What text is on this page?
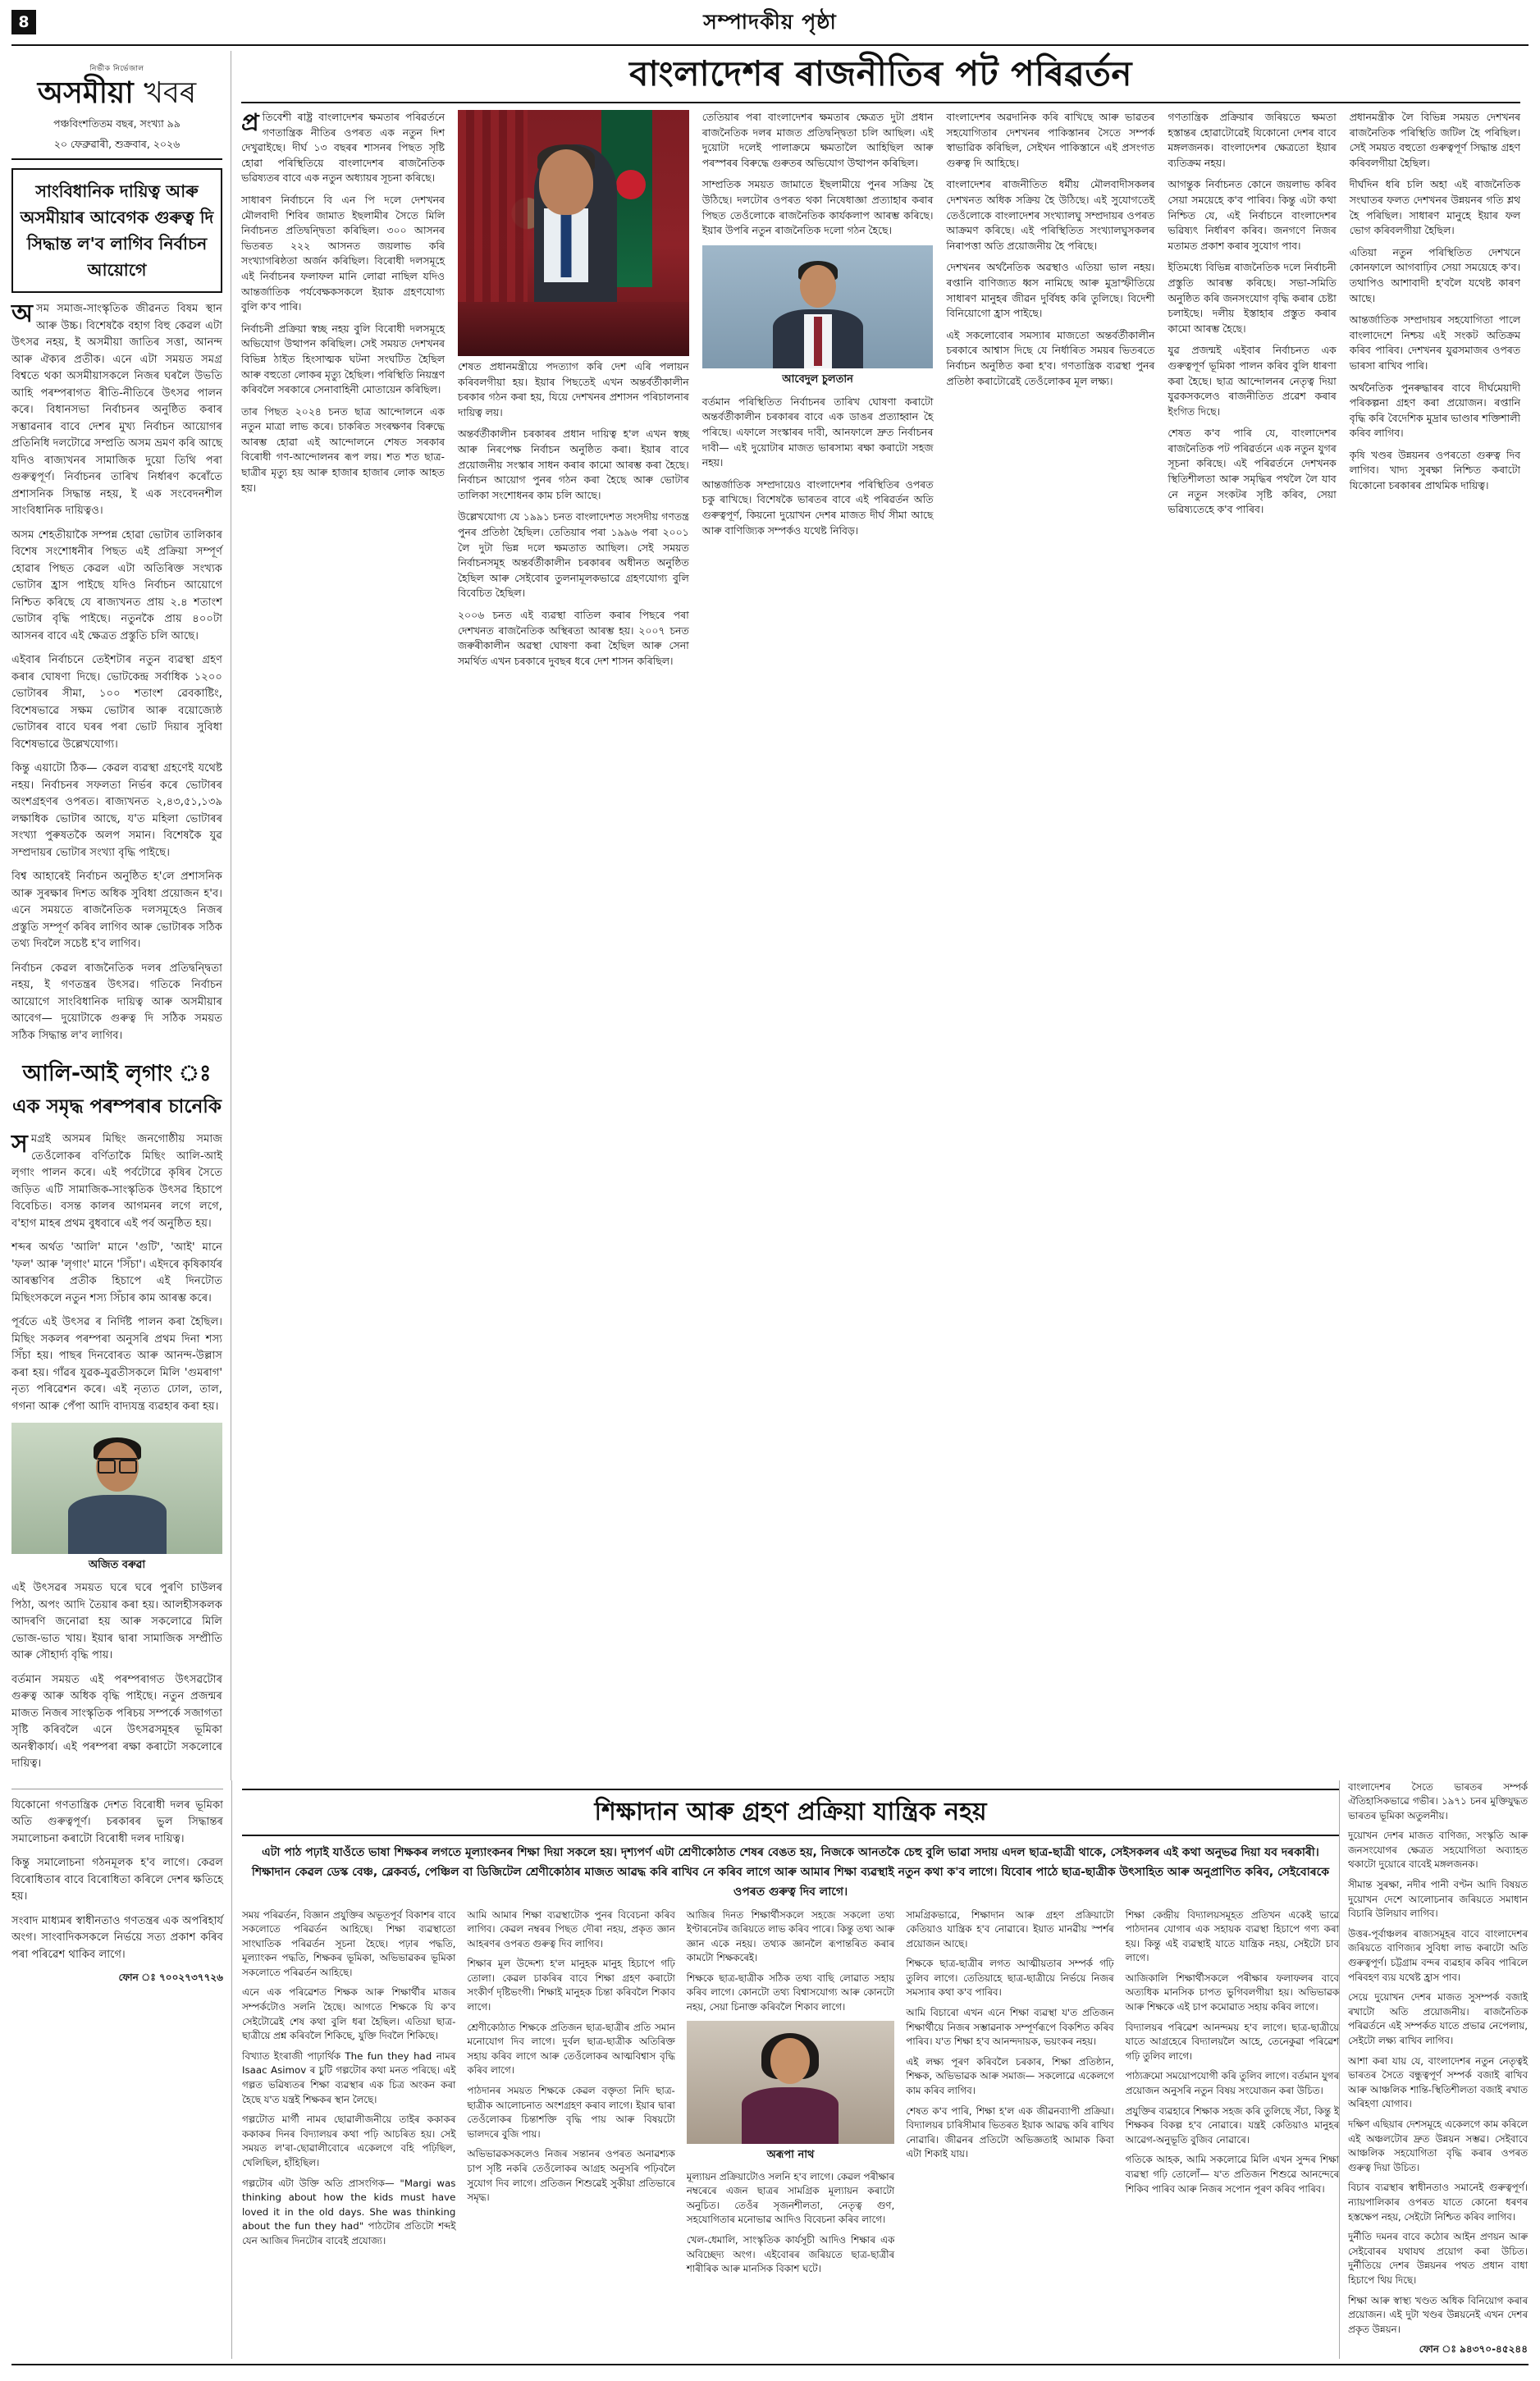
8	সম্পাদকীয় পৃষ্ঠা
নিৰ্ভীক নিৰ্ভেজাল
অসমীয়া খবৰ
পঞ্চবিংশতিতম বছৰ, সংখ্যা ৯৯
২০ ফেব্ৰুৱাৰী, শুক্ৰবাৰ, ২০২৬
সাংবিধানিক দায়িত্ব আৰু অসমীয়াৰ আবেগক গুৰুত্ব দি সিদ্ধান্ত ল'ব লাগিব নিৰ্বাচন আয়োগে

অসম সমাজ-সাংস্কৃতিক জীৱনত বিষম স্থান আৰু উচ্চ। বিশেষকৈ বহাগ বিহু কেৱল এটা উৎসৱ নহয়, ই অসমীয়া জাতিৰ সত্তা, আনন্দ আৰু ঐক্যৰ প্ৰতীক। এনে এটা সময়ত সমগ্ৰ বিশ্বতে থকা অসমীয়াসকলে নিজৰ ঘৰলৈ উভতি আহি পৰম্পৰাগত ৰীতি-নীতিৰে উৎসৱ পালন কৰে। বিধানসভা নিৰ্বাচনৰ অনুষ্ঠিত কৰাৰ সম্ভাৱনাৰ বাবে দেশৰ মুখ্য নিৰ্বাচন আয়োগৰ প্ৰতিনিধি দলটোৱে সম্প্ৰতি অসম ভ্ৰমণ কৰি আছে যদিও ৰাজ্যখনৰ সামাজিক দুয়ো তিথি পৰা গুৰুত্বপূৰ্ণ। নিৰ্বাচনৰ তাৰিখ নিৰ্ধাৰণ কৰোঁতে প্ৰশাসনিক সিদ্ধান্ত নহয়, ই এক সংবেদনশীল সাংবিধানিক দায়িত্বও।

অসম শেহতীয়াকৈ সম্পন্ন হোৱা ভোটাৰ তালিকাৰ বিশেষ সংশোধনীৰ পিছত এই প্ৰক্ৰিয়া সম্পূৰ্ণ হোৱাৰ পিছত কেৱল এটা অতিৰিক্ত সংখ্যক ভোটাৰ হ্ৰাস পাইছে যদিও নিৰ্বাচন আয়োগে নিশ্চিত কৰিছে যে ৰাজ্যখনত প্ৰায় ২.৪ শতাংশ ভোটাৰ বৃদ্ধি পাইছে। নতুনকৈ প্ৰায় ৪০০টা আসনৰ বাবে এই ক্ষেত্ৰত প্ৰস্তুতি চলি আছে।

এইবাৰ নিৰ্বাচনে তেইশটাৰ নতুন ব্যৱস্থা গ্ৰহণ কৰাৰ ঘোষণা দিছে। ভোটকেন্দ্ৰ সৰ্বাধিক ১২০০ ভোটাৰৰ সীমা, ১০০ শতাংশ ৱেবকাষ্টিং, বিশেষভাৱে সক্ষম ভোটাৰ আৰু বয়োজ্যেষ্ঠ ভোটাৰৰ বাবে ঘৰৰ পৰা ভোট দিয়াৰ সুবিধা বিশেষভাৱে উল্লেখযোগ্য।

কিন্তু এয়াটো ঠিক— কেৱল ব্যৱস্থা গ্ৰহণেই যথেষ্ট নহয়। নিৰ্বাচনৰ সফলতা নিৰ্ভৰ কৰে ভোটাৰৰ অংশগ্ৰহণৰ ওপৰত। ৰাজ্যখনত ২,৪৩,৫১,১৩৯ লক্ষাধিক ভোটাৰ আছে, য'ত মহিলা ভোটাৰৰ সংখ্যা পুৰুষতকৈ অলপ সমান। বিশেষকৈ যুৱ সম্প্ৰদায়ৰ ভোটাৰ সংখ্যা বৃদ্ধি পাইছে।

বিশ্ব আহাৰেই নিৰ্বাচন অনুষ্ঠিত হ'লে প্ৰশাসনিক আৰু সুৰক্ষাৰ দিশত অধিক সুবিধা প্ৰয়োজন হ'ব। এনে সময়তে ৰাজনৈতিক দলসমূহেও নিজৰ প্ৰস্তুতি সম্পূৰ্ণ কৰিব লাগিব আৰু ভোটাৰক সঠিক তথ্য দিবলৈ সচেষ্ট হ'ব লাগিব।

নিৰ্বাচন কেৱল ৰাজনৈতিক দলৰ প্ৰতিদ্বন্দ্বিতা নহয়, ই গণতন্ত্ৰৰ উৎসৱ। গতিকে নিৰ্বাচন আয়োগে সাংবিধানিক দায়িত্ব আৰু অসমীয়াৰ আবেগ— দুয়োটাকে গুৰুত্ব দি সঠিক সময়ত সঠিক সিদ্ধান্ত ল'ব লাগিব।

আলি-আই লৃগাং ঃ
এক সমৃদ্ধ পৰম্পৰাৰ চানেকি

সমগ্ৰই অসমৰ মিছিং জনগোষ্ঠীয় সমাজ তেওঁলোকৰ বৰ্ণিতাকৈ মিছিং আলি-আই লৃগাং পালন কৰে। এই পৰ্বটোৱে কৃষিৰ সৈতে জড়িত এটি সামাজিক-সাংস্কৃতিক উৎসৱ হিচাপে বিবেচিত। বসন্ত কালৰ আগমনৰ লগে লগে, ব'হাগ মাহৰ প্ৰথম বুধবাৰে এই পৰ্ব অনুষ্ঠিত হয়।

শব্দৰ অৰ্থত 'আলি' মানে 'গুটি', 'আই' মানে 'ফল' আৰু 'লৃগাং' মানে 'সিঁচা'। এইদৰে কৃষিকাৰ্যৰ আৰম্ভণিৰ প্ৰতীক হিচাপে এই দিনটোত মিছিংসকলে নতুন শস্য সিঁচাৰ কাম আৰম্ভ কৰে।

পূৰ্বতে এই উৎসৱ ৰ নিৰ্দিষ্ট পালন কৰা হৈছিল। মিছিং সকলৰ পৰম্পৰা অনুসৰি প্ৰথম দিনা শস্য সিঁচা হয়। পাছৰ দিনবোৰত আৰু আনন্দ-উল্লাস কৰা হয়। গাঁৱৰ যুৱক-যুৱতীসকলে মিলি 'গুমৰাগ' নৃত্য পৰিৱেশন কৰে। এই নৃত্যত ঢোল, তাল, গগনা আৰু পেঁপা আদি বাদ্যযন্ত্ৰ ব্যৱহাৰ কৰা হয়।

অজিত বৰুৱা

এই উৎসৱৰ সময়ত ঘৰে ঘৰে পুৰণি চাউলৰ পিঠা, অপং আদি তৈয়াৰ কৰা হয়। আলহীসকলক আদৰণি জনোৱা হয় আৰু সকলোৱে মিলি ভোজ-ভাত খায়। ইয়াৰ দ্বাৰা সামাজিক সম্প্ৰীতি আৰু সৌহাৰ্দ্য বৃদ্ধি পায়।

বৰ্তমান সময়ত এই পৰম্পৰাগত উৎসৱটোৰ গুৰুত্ব আৰু অধিক বৃদ্ধি পাইছে। নতুন প্ৰজন্মৰ মাজত নিজৰ সাংস্কৃতিক পৰিচয় সম্পৰ্কে সজাগতা সৃষ্টি কৰিবলৈ এনে উৎসৱসমূহৰ ভূমিকা অনস্বীকাৰ্য। এই পৰম্পৰা ৰক্ষা কৰাটো সকলোৰে দায়িত্ব।

বাংলাদেশৰ ৰাজনীতিৰ পট পৰিৱৰ্তন

প্ৰতিবেশী ৰাষ্ট্ৰ বাংলাদেশৰ ক্ষমতাৰ পৰিৱৰ্তনে গণতান্ত্ৰিক নীতিৰ ওপৰত এক নতুন দিশ দেখুৱাইছে। দীৰ্ঘ ১৩ বছৰৰ শাসনৰ পিছত সৃষ্টি হোৱা পৰিস্থিতিয়ে বাংলাদেশৰ ৰাজনৈতিক ভৱিষ্যতৰ বাবে এক নতুন অধ্যায়ৰ সূচনা কৰিছে।

সাধাৰণ নিৰ্বাচনে বি এন পি দলে দেশখনৰ মৌলবাদী শিবিৰ জামাত ইছলামীৰ সৈতে মিলি নিৰ্বাচনত প্ৰতিদ্বন্দ্বিতা কৰিছিল। ৩০০ আসনৰ ভিতৰত ২২২ আসনত জয়লাভ কৰি সংখ্যাগৰিষ্ঠতা অৰ্জন কৰিছিল। বিৰোধী দলসমূহে এই নিৰ্বাচনৰ ফলাফল মানি লোৱা নাছিল যদিও আন্তৰ্জাতিক পৰ্যবেক্ষকসকলে ইয়াক গ্ৰহণযোগ্য বুলি ক'ব পাৰি।

নিৰ্বাচনী প্ৰক্ৰিয়া স্বচ্ছ নহয় বুলি বিৰোধী দলসমূহে অভিযোগ উত্থাপন কৰিছিল। সেই সময়ত দেশখনৰ বিভিন্ন ঠাইত হিংসাত্মক ঘটনা সংঘটিত হৈছিল আৰু বহুতো লোকৰ মৃত্যু হৈছিল। পৰিস্থিতি নিয়ন্ত্ৰণ কৰিবলৈ সৰকাৰে সেনাবাহিনী মোতায়েন কৰিছিল।

তাৰ পিছত ২০২৪ চনত ছাত্ৰ আন্দোলনে এক নতুন মাত্ৰা লাভ কৰে। চাকৰিত সংৰক্ষণৰ বিৰুদ্ধে আৰম্ভ হোৱা এই আন্দোলনে শেষত সৰকাৰ বিৰোধী গণ-আন্দোলনৰ ৰূপ লয়। শত শত ছাত্ৰ-ছাত্ৰীৰ মৃত্যু হয় আৰু হাজাৰ হাজাৰ লোক আহত হয়।

শেষত প্ৰধানমন্ত্ৰীয়ে পদত্যাগ কৰি দেশ এৰি পলায়ন কৰিবলগীয়া হয়। ইয়াৰ পিছতেই এখন অন্তৰ্বৰ্তীকালীন চৰকাৰ গঠন কৰা হয়, যিয়ে দেশখনৰ প্ৰশাসন পৰিচালনাৰ দায়িত্ব লয়।

অন্তৰ্বৰ্তীকালীন চৰকাৰৰ প্ৰধান দায়িত্ব হ'ল এখন স্বচ্ছ আৰু নিৰপেক্ষ নিৰ্বাচন অনুষ্ঠিত কৰা। ইয়াৰ বাবে প্ৰয়োজনীয় সংস্কাৰ সাধন কৰাৰ কামো আৰম্ভ কৰা হৈছে। নিৰ্বাচন আয়োগ পুনৰ গঠন কৰা হৈছে আৰু ভোটাৰ তালিকা সংশোধনৰ কাম চলি আছে।

উল্লেখযোগ্য যে ১৯৯১ চনত বাংলাদেশত সংসদীয় গণতন্ত্ৰ পুনৰ প্ৰতিষ্ঠা হৈছিল। তেতিয়াৰ পৰা ১৯৯৬ পৰা ২০০১ লৈ দুটা ভিন্ন দলে ক্ষমতাত আছিল। সেই সময়ত নিৰ্বাচনসমূহ অন্তৰ্বৰ্তীকালীন চৰকাৰৰ অধীনত অনুষ্ঠিত হৈছিল আৰু সেইবোৰ তুলনামূলকভাৱে গ্ৰহণযোগ্য বুলি বিবেচিত হৈছিল।

২০০৬ চনত এই ব্যৱস্থা বাতিল কৰাৰ পিছৰে পৰা দেশখনত ৰাজনৈতিক অস্থিৰতা আৰম্ভ হয়। ২০০৭ চনত জৰুৰীকালীন অৱস্থা ঘোষণা কৰা হৈছিল আৰু সেনা সমৰ্থিত এখন চৰকাৰে দুবছৰ ধৰে দেশ শাসন কৰিছিল।

তেতিয়াৰ পৰা বাংলাদেশৰ ক্ষমতাৰ ক্ষেত্ৰত দুটা প্ৰধান ৰাজনৈতিক দলৰ মাজত প্ৰতিদ্বন্দ্বিতা চলি আছিল। এই দুয়োটা দলেই পালাক্ৰমে ক্ষমতালৈ আহিছিল আৰু পৰস্পৰৰ বিৰুদ্ধে গুৰুতৰ অভিযোগ উত্থাপন কৰিছিল।

সাম্প্ৰতিক সময়ত জামাতে ইছলামীয়ে পুনৰ সক্ৰিয় হৈ উঠিছে। দলটোৰ ওপৰত থকা নিষেধাজ্ঞা প্ৰত্যাহাৰ কৰাৰ পিছত তেওঁলোকে ৰাজনৈতিক কাৰ্যকলাপ আৰম্ভ কৰিছে। ইয়াৰ উপৰি নতুন ৰাজনৈতিক দলো গঠন হৈছে।

আবেদুল চুলতান

বৰ্তমান পৰিস্থিতিত নিৰ্বাচনৰ তাৰিখ ঘোষণা কৰাটো অন্তৰ্বৰ্তীকালীন চৰকাৰৰ বাবে এক ডাঙৰ প্ৰত্যাহ্বান হৈ পৰিছে। এফালে সংস্কাৰৰ দাবী, আনফালে দ্ৰুত নিৰ্বাচনৰ দাবী— এই দুয়োটাৰ মাজত ভাৰসাম্য ৰক্ষা কৰাটো সহজ নহয়।

আন্তৰ্জাতিক সম্প্ৰদায়েও বাংলাদেশৰ পৰিস্থিতিৰ ওপৰত চকু ৰাখিছে। বিশেষকৈ ভাৰতৰ বাবে এই পৰিৱৰ্তন অতি গুৰুত্বপূৰ্ণ, কিয়নো দুয়োখন দেশৰ মাজত দীৰ্ঘ সীমা আছে আৰু বাণিজ্যিক সম্পৰ্কও যথেষ্ট নিবিড়।

বাংলাদেশৰ অৱদানিক কৰি ৰাখিছে আৰু ভাৱতৰ সহযোগিতাৰ দেশখনৰ পাকিস্তানৰ সৈতে সম্পৰ্ক স্বাভাৱিক কৰিছিল, সেইখন পাকিস্তানে এই প্ৰসংগত গুৰুত্ব দি আহিছে।

বাংলাদেশৰ ৰাজনীতিত ধৰ্মীয় মৌলবাদীসকলৰ দেশখনত অধিক সক্ৰিয় হৈ উঠিছে। এই সুযোগতেই তেওঁলোকে বাংলাদেশৰ সংখ্যালঘু সম্প্ৰদায়ৰ ওপৰত আক্ৰমণ কৰিছে। এই পৰিস্থিতিত সংখ্যালঘুসকলৰ নিৰাপত্তা অতি প্ৰয়োজনীয় হৈ পৰিছে।

দেশখনৰ অৰ্থনৈতিক অৱস্থাও এতিয়া ভাল নহয়। ৰপ্তানি বাণিজ্যত ধ্বস নামিছে আৰু মুদ্ৰাস্ফীতিয়ে সাধাৰণ মানুহৰ জীৱন দুৰ্বিষহ কৰি তুলিছে। বিদেশী বিনিয়োগো হ্ৰাস পাইছে।

এই সকলোবোৰ সমস্যাৰ মাজতো অন্তৰ্বৰ্তীকালীন চৰকাৰে আশ্বাস দিছে যে নিৰ্ধাৰিত সময়ৰ ভিতৰতে নিৰ্বাচন অনুষ্ঠিত কৰা হ'ব। গণতান্ত্ৰিক ব্যৱস্থা পুনৰ প্ৰতিষ্ঠা কৰাটোৱেই তেওঁলোকৰ মূল লক্ষ্য।

গণতান্ত্ৰিক প্ৰক্ৰিয়াৰ জৰিয়তে ক্ষমতা হস্তান্তৰ হোৱাটোৱেই যিকোনো দেশৰ বাবে মঙ্গলজনক। বাংলাদেশৰ ক্ষেত্ৰতো ইয়াৰ ব্যতিক্ৰম নহয়।

আগন্তুক নিৰ্বাচনত কোনে জয়লাভ কৰিব সেয়া সময়েহে ক'ব পাৰিব। কিন্তু এটা কথা নিশ্চিত যে, এই নিৰ্বাচনে বাংলাদেশৰ ভৱিষ্যৎ নিৰ্ধাৰণ কৰিব। জনগণে নিজৰ মতামত প্ৰকাশ কৰাৰ সুযোগ পাব।

ইতিমধ্যে বিভিন্ন ৰাজনৈতিক দলে নিৰ্বাচনী প্ৰস্তুতি আৰম্ভ কৰিছে। সভা-সমিতি অনুষ্ঠিত কৰি জনসংযোগ বৃদ্ধি কৰাৰ চেষ্টা চলাইছে। দলীয় ইস্তাহাৰ প্ৰস্তুত কৰাৰ কামো আৰম্ভ হৈছে।

যুৱ প্ৰজন্মই এইবাৰ নিৰ্বাচনত এক গুৰুত্বপূৰ্ণ ভূমিকা পালন কৰিব বুলি ধাৰণা কৰা হৈছে। ছাত্ৰ আন্দোলনৰ নেতৃত্ব দিয়া যুৱকসকলেও ৰাজনীতিত প্ৰৱেশ কৰাৰ ইংগিত দিছে।

শেষত ক'ব পাৰি যে, বাংলাদেশৰ ৰাজনৈতিক পট পৰিৱৰ্তনে এক নতুন যুগৰ সূচনা কৰিছে। এই পৰিৱৰ্তনে দেশখনক স্থিতিশীলতা আৰু সমৃদ্ধিৰ পথলৈ লৈ যাব নে নতুন সংকটৰ সৃষ্টি কৰিব, সেয়া ভৱিষ্যতেহে ক'ব পাৰিব।

প্ৰধানমন্ত্ৰীক লৈ বিভিন্ন সময়ত দেশখনৰ ৰাজনৈতিক পৰিস্থিতি জটিল হৈ পৰিছিল। সেই সময়ত বহুতো গুৰুত্বপূৰ্ণ সিদ্ধান্ত গ্ৰহণ কৰিবলগীয়া হৈছিল।

দীৰ্ঘদিন ধৰি চলি অহা এই ৰাজনৈতিক সংঘাতৰ ফলত দেশখনৰ উন্নয়নৰ গতি শ্লথ হৈ পৰিছিল। সাধাৰণ মানুহে ইয়াৰ ফল ভোগ কৰিবলগীয়া হৈছিল।

এতিয়া নতুন পৰিস্থিতিত দেশখনে কোনফালে আগবাঢ়িব সেয়া সময়েহে ক'ব। তথাপিও আশাবাদী হ'বলৈ যথেষ্ট কাৰণ আছে।

আন্তৰ্জাতিক সম্প্ৰদায়ৰ সহযোগিতা পালে বাংলাদেশে নিশ্চয় এই সংকট অতিক্ৰম কৰিব পাৰিব। দেশখনৰ যুৱসমাজৰ ওপৰত ভাৰসা ৰাখিব পাৰি।

অৰ্থনৈতিক পুনৰুদ্ধাৰৰ বাবে দীৰ্ঘমেয়াদী পৰিকল্পনা গ্ৰহণ কৰা প্ৰয়োজন। ৰপ্তানি বৃদ্ধি কৰি বৈদেশিক মুদ্ৰাৰ ভাণ্ডাৰ শক্তিশালী কৰিব লাগিব।

কৃষি খণ্ডৰ উন্নয়নৰ ওপৰতো গুৰুত্ব দিব লাগিব। খাদ্য সুৰক্ষা নিশ্চিত কৰাটো যিকোনো চৰকাৰৰ প্ৰাথমিক দায়িত্ব।

যিকোনো গণতান্ত্ৰিক দেশত বিৰোধী দলৰ ভূমিকা অতি গুৰুত্বপূৰ্ণ। চৰকাৰৰ ভুল সিদ্ধান্তৰ সমালোচনা কৰাটো বিৰোধী দলৰ দায়িত্ব।

কিন্তু সমালোচনা গঠনমূলক হ'ব লাগে। কেৱল বিৰোধিতাৰ বাবে বিৰোধিতা কৰিলে দেশৰ ক্ষতিহে হয়।

সংবাদ মাধ্যমৰ স্বাধীনতাও গণতন্ত্ৰৰ এক অপৰিহাৰ্য অংগ। সাংবাদিকসকলে নিৰ্ভয়ে সত্য প্ৰকাশ কৰিব পৰা পৰিৱেশ থাকিব লাগে।

ফোন ঃ ৭০০২৭৩৭৭২৬
শিক্ষাদান আৰু গ্ৰহণ প্ৰক্ৰিয়া যান্ত্ৰিক নহয়
এটা পাঠ পঢ়াই যাওঁতে ভাষা শিক্ষকৰ লগতে মূল্যাংকনৰ শিক্ষা দিয়া সকলে হয়। দৃশ্যপৰ্ণ এটা শ্ৰেণীকোঠাত শেষৰ বেঙত হয়, নিজকে আনতকৈ চেহু বুলি ভাৱা সদায় এদল ছাত্ৰ-ছাত্ৰী থাকে, সেইসকলৰ এই কথা অনুভৱ দিয়া যব দৰকাৰী। শিক্ষাদান কেৱল ডেস্ক বেঞ্চ, ব্লেকবৰ্ড, পেঞ্চিল বা ডিজিটেল শ্ৰেণীকোঠাৰ মাজত আৱদ্ধ কৰি ৰাখিব নে কৰিব লাগে আৰু আমাৰ শিক্ষা ব্যৱস্থাই নতুন কথা ক'ব লাগে। যিবোৰ পাঠে ছাত্ৰ-ছাত্ৰীক উৎসাহিত আৰু অনুপ্ৰাণিত কৰিব, সেইবোৰকে ওপৰত গুৰুত্ব দিব লাগে।

সময় পৰিৱৰ্তন, বিজ্ঞান প্ৰযুক্তিৰ অভূতপূৰ্ব বিকাশৰ বাবে সকলোতে পৰিৱৰ্তন আহিছে। শিক্ষা ব্যৱস্থাতো সাংঘাতিক পৰিৱৰ্তন সূচনা হৈছে। পঢ়াৰ পদ্ধতি, মূল্যাংকন পদ্ধতি, শিক্ষকৰ ভূমিকা, অভিভাৱকৰ ভূমিকা সকলোতে পৰিৱৰ্তন আহিছে।

এনে এক পৰিৱেশত শিক্ষক আৰু শিক্ষাৰ্থীৰ মাজৰ সম্পৰ্কটোও সলনি হৈছে। আগতে শিক্ষকে যি ক'ব সেইটোৱেই শেষ কথা বুলি ধৰা হৈছিল। এতিয়া ছাত্ৰ-ছাত্ৰীয়ে প্ৰশ্ন কৰিবলৈ শিকিছে, যুক্তি দিবলৈ শিকিছে।

বিখ্যাত ইংৰাজী পাঢ়াৰ্থিক The fun they had নামৰ Isaac Asimov ৰ চুটি গল্পটোৰ কথা মনত পৰিছে। এই গল্পত ভৱিষ্যতৰ শিক্ষা ব্যৱস্থাৰ এক চিত্ৰ অংকন কৰা হৈছে য'ত যন্ত্ৰই শিক্ষকৰ স্থান লৈছে।

গল্পটোত মাৰ্গী নামৰ ছোৱালীজনীয়ে তাইৰ ককাকৰ ককাকৰ দিনৰ বিদ্যালয়ৰ কথা পঢ়ি আচৰিত হয়। সেই সময়ত ল'ৰা-ছোৱালীবোৰে একেলগে বহি পঢ়িছিল, খেলিছিল, হাঁহিছিল।

গল্পটোৰ এটা উক্তি অতি প্ৰাসংগিক— "Margi was thinking about how the kids must have loved it in the old days. She was thinking about the fun they had" পাঠটোৰ প্ৰতিটো শব্দই যেন আজিৰ দিনটোৰ বাবেই প্ৰযোজ্য।

আমি আমাৰ শিক্ষা ব্যৱস্থাটোক পুনৰ বিবেচনা কৰিব লাগিব। কেৱল নম্বৰৰ পিছত দৌৰা নহয়, প্ৰকৃত জ্ঞান আহৰণৰ ওপৰত গুৰুত্ব দিব লাগিব।

শিক্ষাৰ মূল উদ্দেশ্য হ'ল মানুহক মানুহ হিচাপে গঢ়ি তোলা। কেৱল চাকৰিৰ বাবে শিক্ষা গ্ৰহণ কৰাটো সংকীৰ্ণ দৃষ্টিভংগী। শিক্ষাই মানুহক চিন্তা কৰিবলৈ শিকাব লাগে।

শ্ৰেণীকোঠাত শিক্ষকে প্ৰতিজন ছাত্ৰ-ছাত্ৰীৰ প্ৰতি সমান মনোযোগ দিব লাগে। দুৰ্বল ছাত্ৰ-ছাত্ৰীক অতিৰিক্ত সহায় কৰিব লাগে আৰু তেওঁলোকৰ আত্মবিশ্বাস বৃদ্ধি কৰিব লাগে।

পাঠদানৰ সময়ত শিক্ষকে কেৱল বক্তৃতা নিদি ছাত্ৰ-ছাত্ৰীক আলোচনাত অংশগ্ৰহণ কৰাব লাগে। ইয়াৰ দ্বাৰা তেওঁলোকৰ চিন্তাশক্তি বৃদ্ধি পায় আৰু বিষয়টো ভালদৰে বুজি পায়।

অভিভাৱকসকলেও নিজৰ সন্তানৰ ওপৰত অনাৱশ্যক চাপ সৃষ্টি নকৰি তেওঁলোকৰ আগ্ৰহ অনুসৰি পঢ়িবলৈ সুযোগ দিব লাগে। প্ৰতিজন শিশুৱেই সুকীয়া প্ৰতিভাৰে সমৃদ্ধ।

আজিৰ দিনত শিক্ষাৰ্থীসকলে সহজে সকলো তথ্য ইণ্টাৰনেটৰ জৰিয়তে লাভ কৰিব পাৰে। কিন্তু তথ্য আৰু জ্ঞান একে নহয়। তথ্যক জ্ঞানলৈ ৰূপান্তৰিত কৰাৰ কামটো শিক্ষকৰেই।

শিক্ষকে ছাত্ৰ-ছাত্ৰীক সঠিক তথ্য বাছি লোৱাত সহায় কৰিব লাগে। কোনটো তথ্য বিশ্বাসযোগ্য আৰু কোনটো নহয়, সেয়া চিনাক্ত কৰিবলৈ শিকাব লাগে।

অৰূপা নাথ

মূল্যায়ন প্ৰক্ৰিয়াটোও সলনি হ'ব লাগে। কেৱল পৰীক্ষাৰ নম্বৰেৰে এজন ছাত্ৰৰ সামগ্ৰিক মূল্যায়ন কৰাটো অনুচিত। তেওঁৰ সৃজনশীলতা, নেতৃত্ব গুণ, সহযোগিতাৰ মনোভাৱ আদিও বিবেচনা কৰিব লাগে।

খেল-ধেমালি, সাংস্কৃতিক কাৰ্যসূচী আদিও শিক্ষাৰ এক অবিচ্ছেদ্য অংগ। এইবোৰৰ জৰিয়তে ছাত্ৰ-ছাত্ৰীৰ শাৰীৰিক আৰু মানসিক বিকাশ ঘটে।

সামগ্ৰিকভাৱে, শিক্ষাদান আৰু গ্ৰহণ প্ৰক্ৰিয়াটো কেতিয়াও যান্ত্ৰিক হ'ব নোৱাৰে। ইয়াত মানৱীয় স্পৰ্শৰ প্ৰয়োজন আছে।

শিক্ষকে ছাত্ৰ-ছাত্ৰীৰ লগত আত্মীয়তাৰ সম্পৰ্ক গঢ়ি তুলিব লাগে। তেতিয়াহে ছাত্ৰ-ছাত্ৰীয়ে নিৰ্ভয়ে নিজৰ সমস্যাৰ কথা ক'ব পাৰিব।

আমি বিচাৰো এখন এনে শিক্ষা ব্যৱস্থা য'ত প্ৰতিজন শিক্ষাৰ্থীয়ে নিজৰ সম্ভাৱনাক সম্পূৰ্ণৰূপে বিকশিত কৰিব পাৰিব। য'ত শিক্ষা হ'ব আনন্দদায়ক, ভয়ংকৰ নহয়।

এই লক্ষ্য পূৰণ কৰিবলৈ চৰকাৰ, শিক্ষা প্ৰতিষ্ঠান, শিক্ষক, অভিভাৱক আৰু সমাজ— সকলোৱে একেলগে কাম কৰিব লাগিব।

শেষত ক'ব পাৰি, শিক্ষা হ'ল এক জীৱনব্যাপী প্ৰক্ৰিয়া। বিদ্যালয়ৰ চাৰিসীমাৰ ভিতৰত ইয়াক আৱদ্ধ কৰি ৰাখিব নোৱাৰি। জীৱনৰ প্ৰতিটো অভিজ্ঞতাই আমাক কিবা এটা শিকাই যায়।

শিক্ষা কেন্দ্ৰীয় বিদ্যালয়সমূহত প্ৰতিখন একেই ভাৱে পাঠদানৰ যোগাৰ এক সহায়ক ব্যৱস্থা হিচাপে গণ্য কৰা হয়। কিন্তু এই ব্যৱস্থাই যাতে যান্ত্ৰিক নহয়, সেইটো চাব লাগে।

আজিকালি শিক্ষাৰ্থীসকলে পৰীক্ষাৰ ফলাফলৰ বাবে অত্যধিক মানসিক চাপত ভুগিবলগীয়া হয়। অভিভাৱক আৰু শিক্ষকে এই চাপ কমোৱাত সহায় কৰিব লাগে।

বিদ্যালয়ৰ পৰিৱেশ আনন্দময় হ'ব লাগে। ছাত্ৰ-ছাত্ৰীয়ে যাতে আগ্ৰহেৰে বিদ্যালয়লৈ আহে, তেনেকুৱা পৰিৱেশ গঢ়ি তুলিব লাগে।

পাঠ্যক্ৰমো সময়োপযোগী কৰি তুলিব লাগে। বৰ্তমান যুগৰ প্ৰয়োজন অনুসৰি নতুন বিষয় সংযোজন কৰা উচিত।

প্ৰযুক্তিৰ ব্যৱহাৰে শিক্ষাক সহজ কৰি তুলিছে সঁচা, কিন্তু ই শিক্ষকৰ বিকল্প হ'ব নোৱাৰে। যন্ত্ৰই কেতিয়াও মানুহৰ আৱেগ-অনুভূতি বুজিব নোৱাৰে।

গতিকে আহক, আমি সকলোৱে মিলি এখন সুন্দৰ শিক্ষা ব্যৱস্থা গঢ়ি তোলোঁ— য'ত প্ৰতিজন শিশুৱে আনন্দেৰে শিকিব পাৰিব আৰু নিজৰ সপোন পূৰণ কৰিব পাৰিব।

বাংলাদেশৰ সৈতে ভাৰতৰ সম্পৰ্ক ঐতিহাসিকভাৱে গভীৰ। ১৯৭১ চনৰ মুক্তিযুদ্ধত ভাৰতৰ ভূমিকা অতুলনীয়।

দুয়োখন দেশৰ মাজত বাণিজ্য, সংস্কৃতি আৰু জনসংযোগৰ ক্ষেত্ৰত সহযোগিতা অব্যাহত থকাটো দুয়োৰে বাবেই মঙ্গলজনক।

সীমান্ত সুৰক্ষা, নদীৰ পানী বণ্টন আদি বিষয়ত দুয়োখন দেশে আলোচনাৰ জৰিয়তে সমাধান বিচাৰি উলিয়াব লাগিব।

উত্তৰ-পূৰ্বাঞ্চলৰ ৰাজ্যসমূহৰ বাবে বাংলাদেশৰ জৰিয়তে বাণিজ্যৰ সুবিধা লাভ কৰাটো অতি গুৰুত্বপূৰ্ণ। চট্টগ্ৰাম বন্দৰ ব্যৱহাৰ কৰিব পাৰিলে পৰিবহণ ব্যয় যথেষ্ট হ্ৰাস পাব।

সেয়ে দুয়োখন দেশৰ মাজত সুসম্পৰ্ক বজাই ৰখাটো অতি প্ৰয়োজনীয়। ৰাজনৈতিক পৰিৱৰ্তনে এই সম্পৰ্কত যাতে প্ৰভাৱ নেপেলায়, সেইটো লক্ষ্য ৰাখিব লাগিব।

আশা কৰা যায় যে, বাংলাদেশৰ নতুন নেতৃত্বই ভাৰতৰ সৈতে বন্ধুত্বপূৰ্ণ সম্পৰ্ক বজাই ৰাখিব আৰু আঞ্চলিক শান্তি-স্থিতিশীলতা বজাই ৰখাত অৰিহণা যোগাব।

দক্ষিণ এছিয়াৰ দেশসমূহে একেলগে কাম কৰিলে এই অঞ্চলটোৰ দ্ৰুত উন্নয়ন সম্ভৱ। সেইবাবে আঞ্চলিক সহযোগিতা বৃদ্ধি কৰাৰ ওপৰত গুৰুত্ব দিয়া উচিত।

বিচাৰ ব্যৱস্থাৰ স্বাধীনতাও সমানেই গুৰুত্বপূৰ্ণ। ন্যায়পালিকাৰ ওপৰত যাতে কোনো ধৰণৰ হস্তক্ষেপ নহয়, সেইটো নিশ্চিত কৰিব লাগিব।

দুৰ্নীতি দমনৰ বাবে কঠোৰ আইন প্ৰণয়ন আৰু সেইবোৰৰ যথাযথ প্ৰয়োগ কৰা উচিত। দুৰ্নীতিয়ে দেশৰ উন্নয়নৰ পথত প্ৰধান বাধা হিচাপে থিয় দিছে।

শিক্ষা আৰু স্বাস্থ্য খণ্ডত অধিক বিনিয়োগ কৰাৰ প্ৰয়োজন। এই দুটা খণ্ডৰ উন্নয়নেই এখন দেশৰ প্ৰকৃত উন্নয়ন।

ফোন ঃ ৯৪৩৭০-৪৫২৪৪
